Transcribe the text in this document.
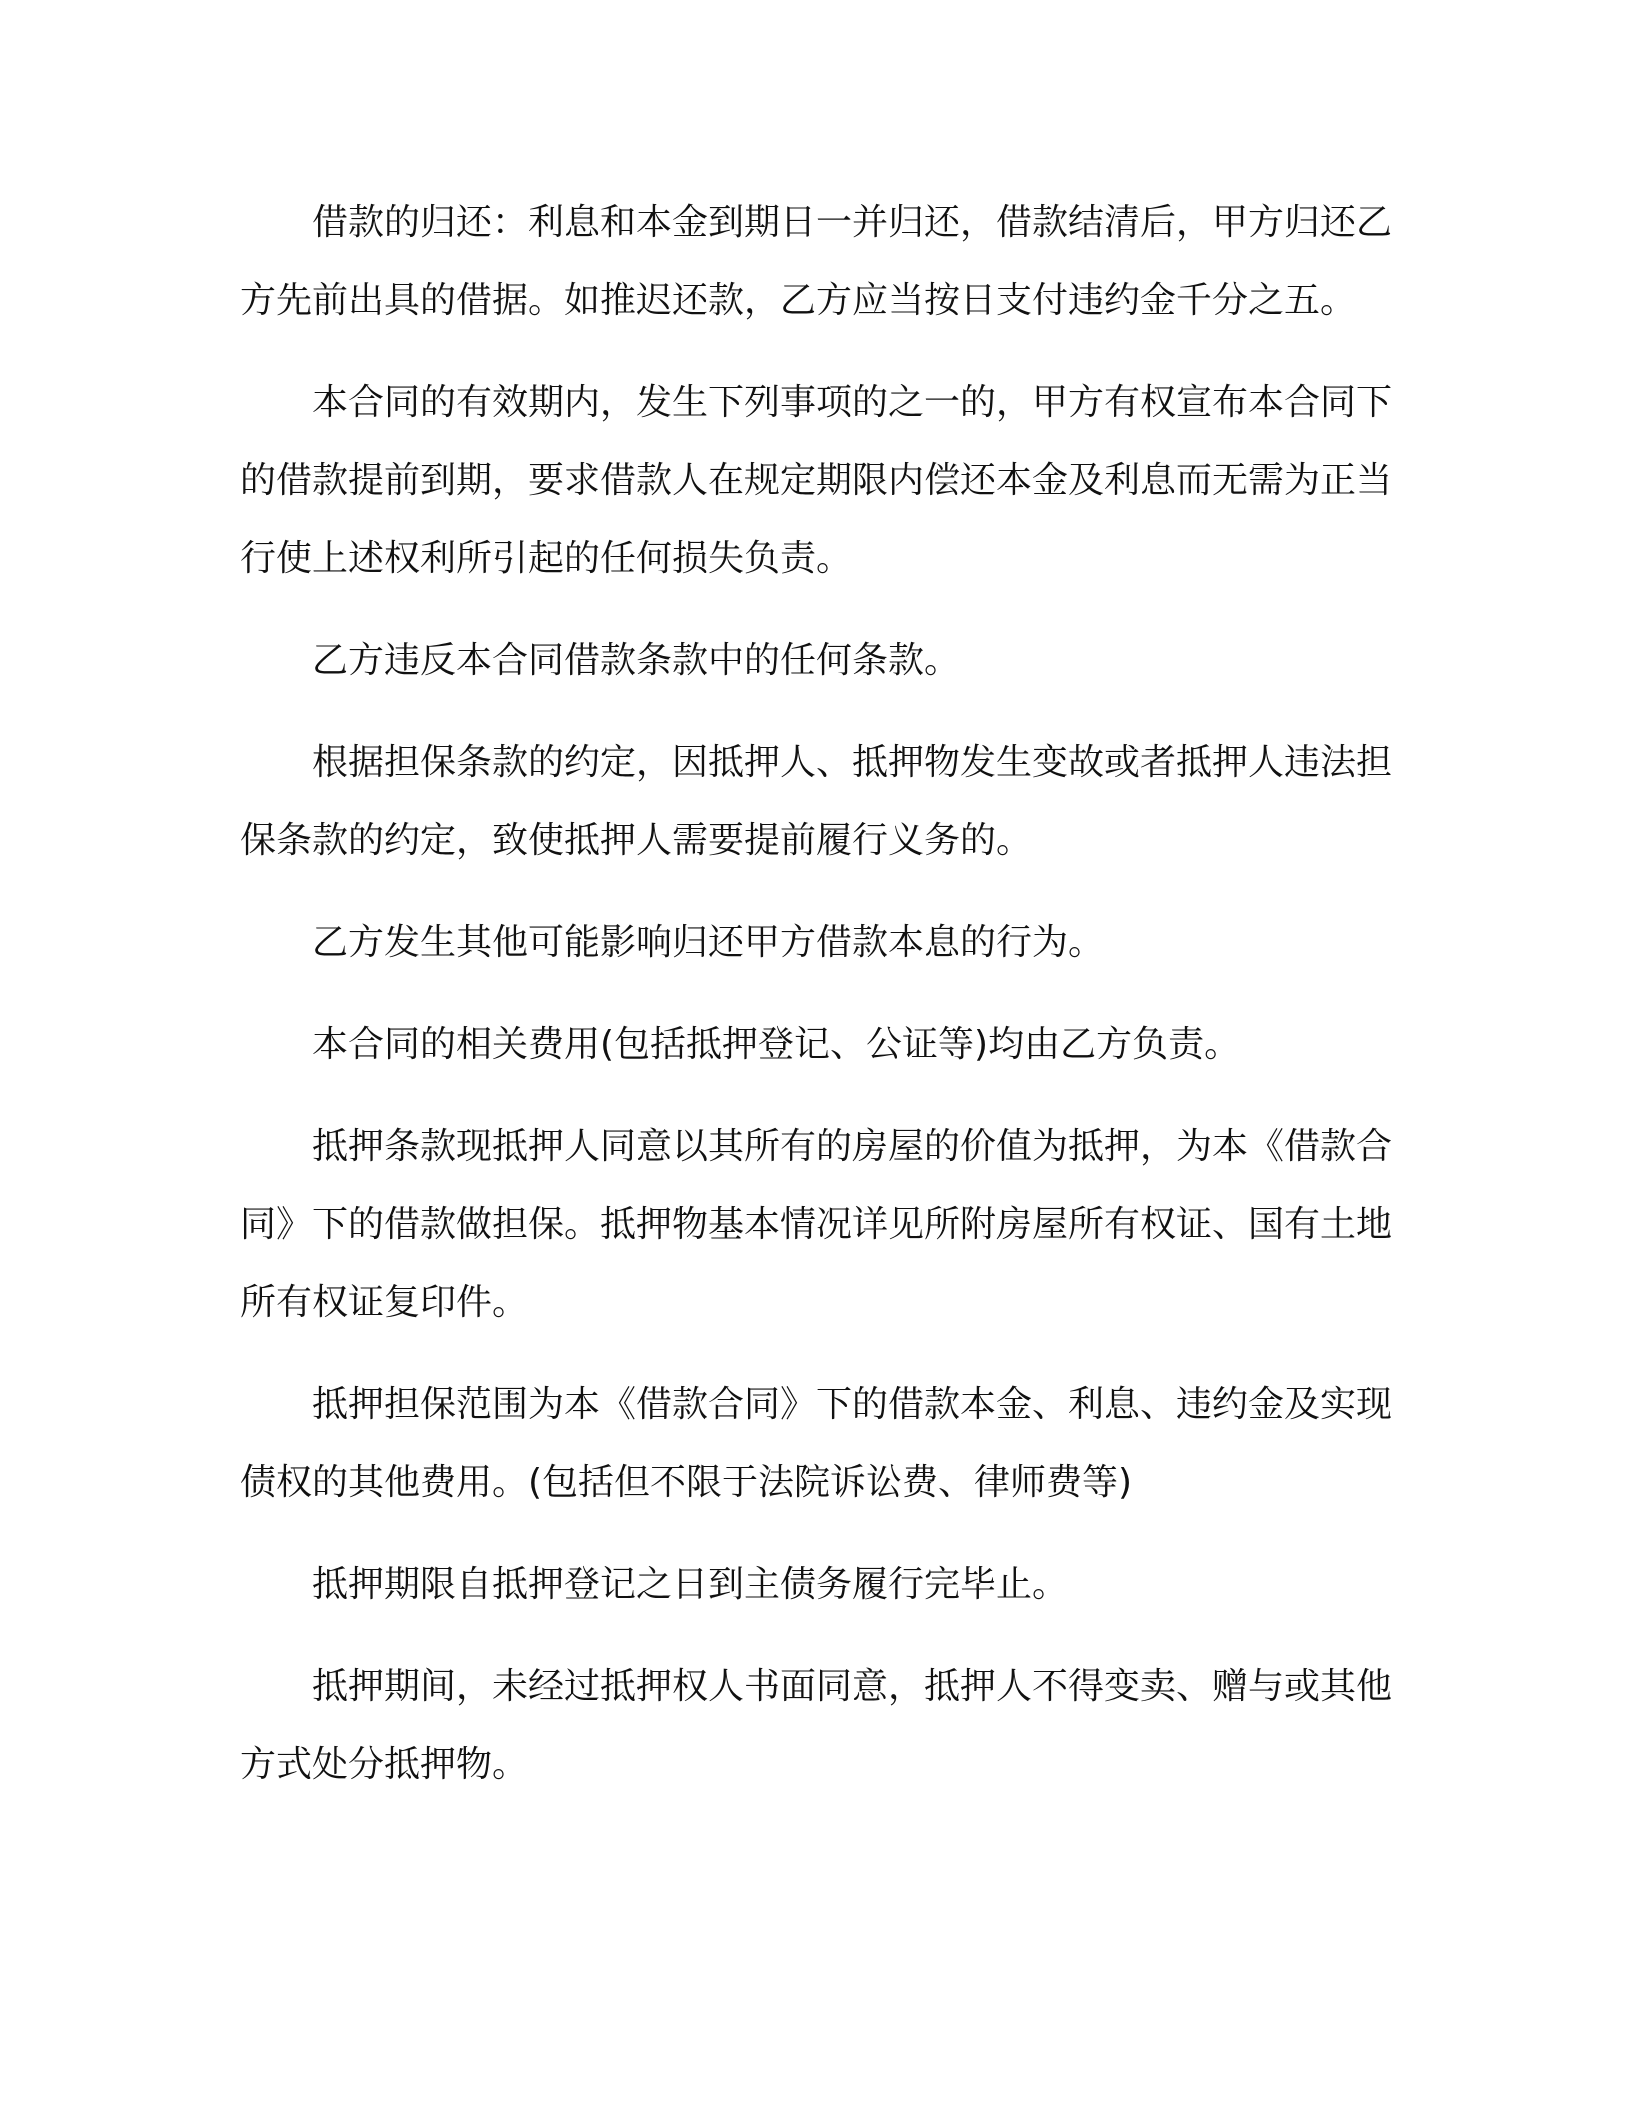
借款的归还：利息和本金到期日一并归还，借款结清后，甲方归还乙方先前出具的借据。如推迟还款，乙方应当按日支付违约金千分之五。

本合同的有效期内，发生下列事项的之一的，甲方有权宣布本合同下的借款提前到期，要求借款人在规定期限内偿还本金及利息而无需为正当行使上述权利所引起的任何损失负责。

乙方违反本合同借款条款中的任何条款。

根据担保条款的约定，因抵押人、抵押物发生变故或者抵押人违法担保条款的约定，致使抵押人需要提前履行义务的。

乙方发生其他可能影响归还甲方借款本息的行为。

本合同的相关费用(包括抵押登记、公证等)均由乙方负责。

抵押条款现抵押人同意以其所有的房屋的价值为抵押，为本《借款合同》下的借款做担保。抵押物基本情况详见所附房屋所有权证、国有土地所有权证复印件。

抵押担保范围为本《借款合同》下的借款本金、利息、违约金及实现债权的其他费用。(包括但不限于法院诉讼费、律师费等)

抵押期限自抵押登记之日到主债务履行完毕止。

抵押期间，未经过抵押权人书面同意，抵押人不得变卖、赠与或其他方式处分抵押物。
